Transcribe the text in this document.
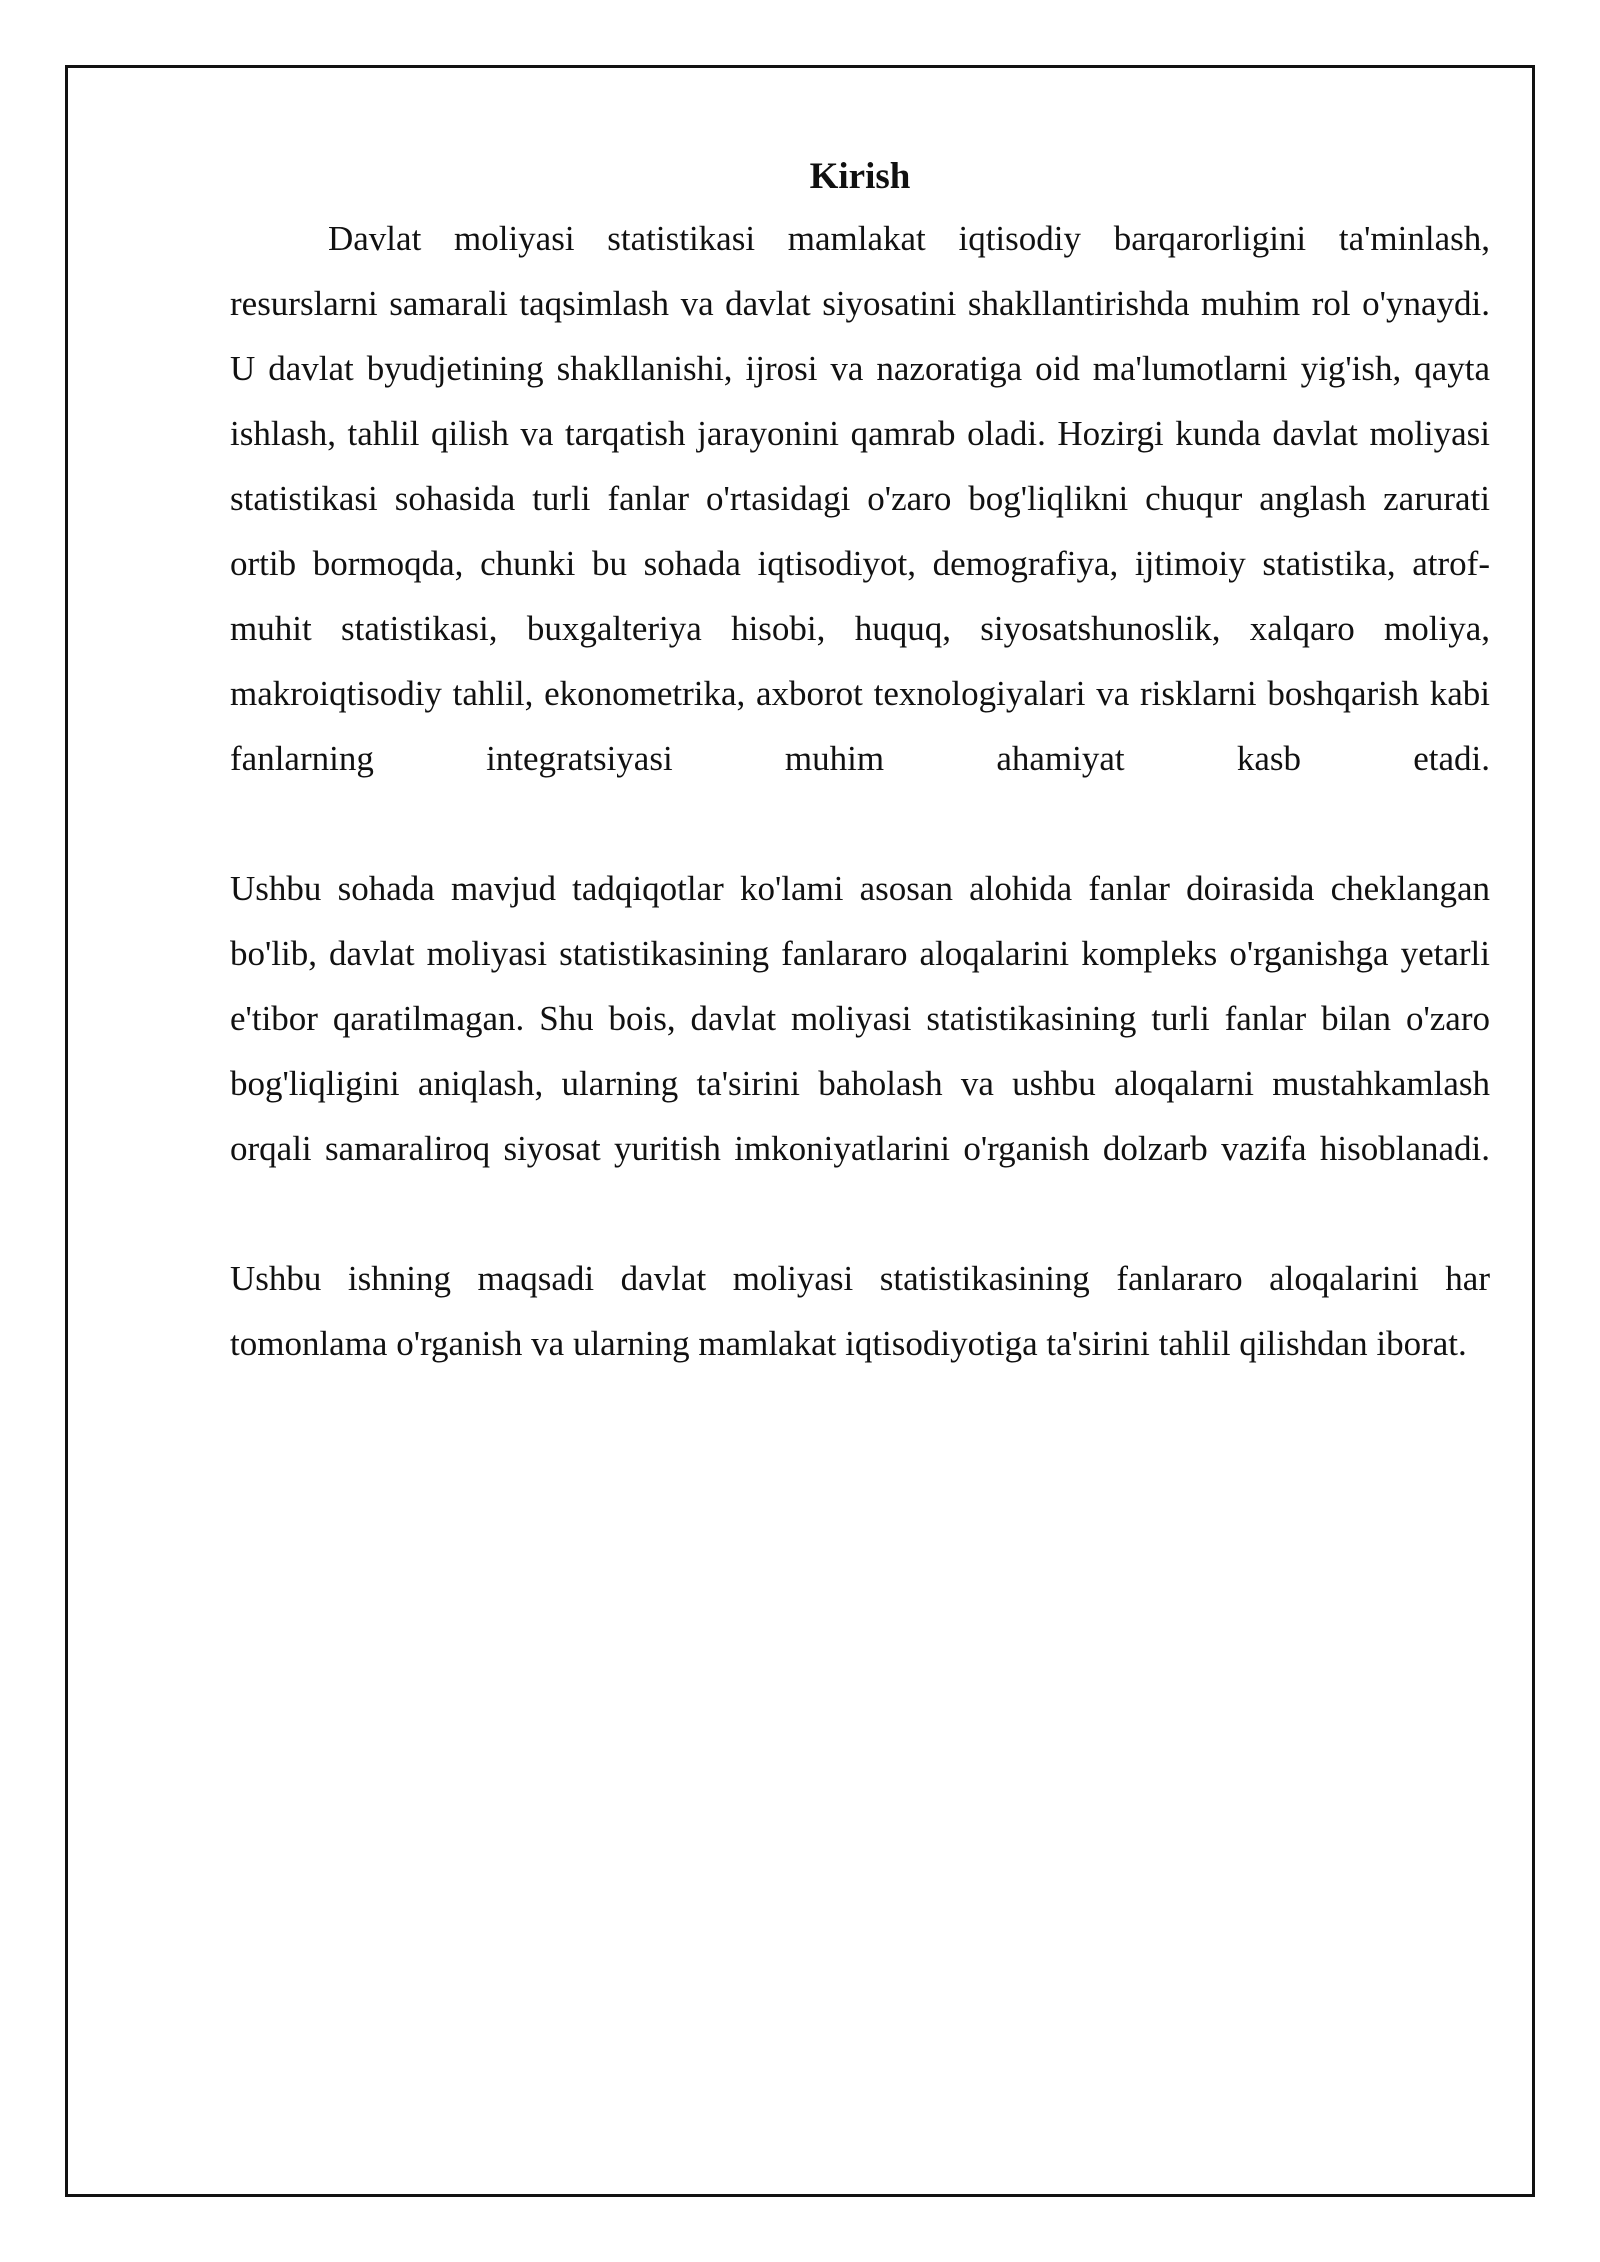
Kirish

Davlat moliyasi statistikasi mamlakat iqtisodiy barqarorligini ta'minlash, resurslarni samarali taqsimlash va davlat siyosatini shakllantirishda muhim rol o'ynaydi. U davlat byudjetining shakllanishi, ijrosi va nazoratiga oid ma'lumotlarni yig'ish, qayta ishlash, tahlil qilish va tarqatish jarayonini qamrab oladi. Hozirgi kunda davlat moliyasi statistikasi sohasida turli fanlar o'rtasidagi o'zaro bog'liqlikni chuqur anglash zarurati ortib bormoqda, chunki bu sohada iqtisodiyot, demografiya, ijtimoiy statistika, atrof-muhit statistikasi, buxgalteriya hisobi, huquq, siyosatshunoslik, xalqaro moliya, makroiqtisodiy tahlil, ekonometrika, axborot texnologiyalari va risklarni boshqarish kabi fanlarning integratsiyasi muhim ahamiyat kasb etadi.

Ushbu sohada mavjud tadqiqotlar ko'lami asosan alohida fanlar doirasida cheklangan bo'lib, davlat moliyasi statistikasining fanlararo aloqalarini kompleks o'rganishga yetarli e'tibor qaratilmagan. Shu bois, davlat moliyasi statistikasining turli fanlar bilan o'zaro bog'liqligini aniqlash, ularning ta'sirini baholash va ushbu aloqalarni mustahkamlash orqali samaraliroq siyosat yuritish imkoniyatlarini o'rganish dolzarb vazifa hisoblanadi.

Ushbu ishning maqsadi davlat moliyasi statistikasining fanlararo aloqalarini har tomonlama o'rganish va ularning mamlakat iqtisodiyotiga ta'sirini tahlil qilishdan iborat.
